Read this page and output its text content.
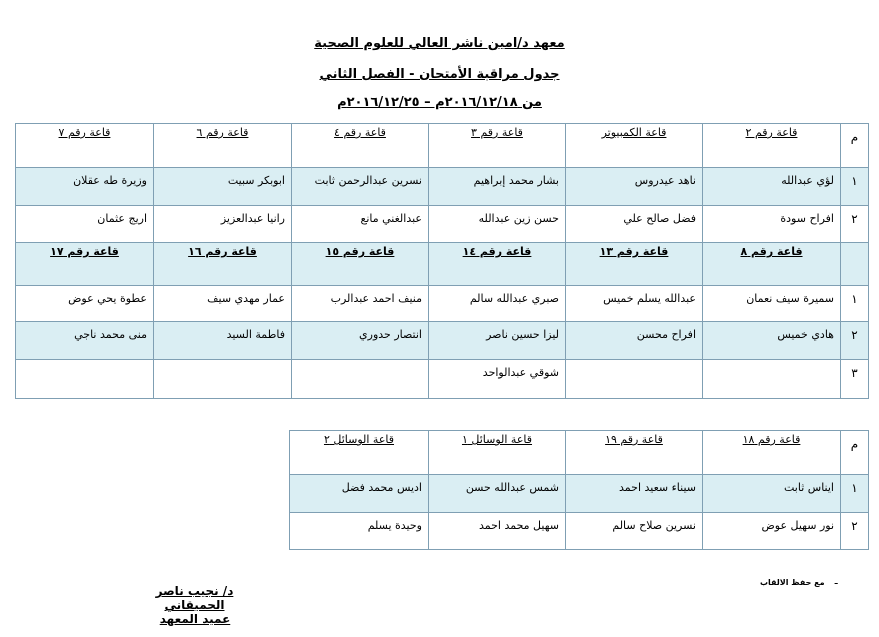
معهد د/امين ناشر العالي للعلوم الصحية
جدول مراقبة الأمتحان - الفصل الثاني
من ٢٠١٦/١٢/١٨م – ٢٠١٦/١٢/٢٥م
م	قاعة رقم ٢	قاعة الكمبيوتر	قاعة رقم ٣	قاعة رقم ٤	قاعة رقم ٦	قاعة رقم ٧
١	لؤي عبدالله	ناهد عيدروس	بشار محمد إبراهيم	نسرين عبدالرحمن ثابت	ابوبكر سبيت	وزيرة طه عقلان
٢	افراح سودة	فضل صالح علي	حسن زين عبدالله	عبدالغني مانع	رانيا عبدالعزيز	اريج عثمان
	قاعة رقم ٨	قاعة رقم ١٣	قاعة رقم ١٤	قاعة رقم ١٥	قاعة رقم ١٦	قاعة رقم ١٧
١	سميرة سيف نعمان	عبدالله يسلم خميس	صبري عبدالله سالم	منيف احمد عبدالرب	عمار مهدي سيف	عطوة يحي عوض
٢	هادي خميس	افراح محسن	ليزا حسين ناصر	انتصار حدوري	فاطمة السيد	منى محمد ناجي
٣			شوقي عبدالواحد			
م	قاعة رقم ١٨	قاعة رقم ١٩	قاعة الوسائل ١	قاعة الوسائل ٢
١	ايناس ثابت	سيناء سعيد احمد	شمس عبدالله حسن	اديس محمد فضل
٢	نور سهيل عوض	نسرين صلاح سالم	سهيل محمد احمد	وحيدة يسلم
-
مع حفظ الالقاب
د/ نجيب ناصر الحميقاني
عميد المعهد
